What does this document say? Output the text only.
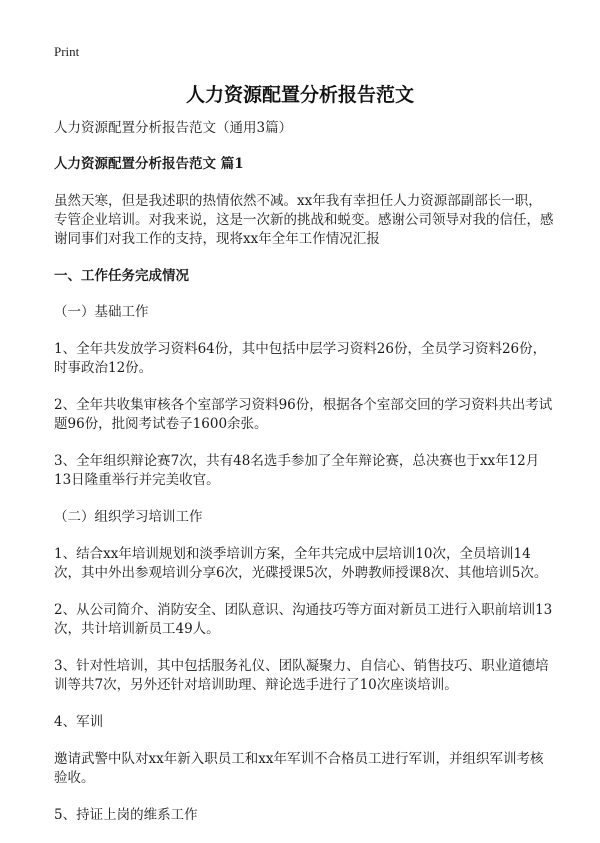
Print
人力资源配置分析报告范文

人力资源配置分析报告范文（通用3篇）

人力资源配置分析报告范文 篇1

虽然天寒，但是我述职的热情依然不减。xx年我有幸担任人力资源部副部长一职，专管企业培训。对我来说，这是一次新的挑战和蜕变。感谢公司领导对我的信任，感谢同事们对我工作的支持，现将xx年全年工作情况汇报

一、工作任务完成情况

（一）基础工作

1、全年共发放学习资料64份，其中包括中层学习资料26份，全员学习资料26份，时事政治12份。

2、全年共收集审核各个室部学习资料96份，根据各个室部交回的学习资料共出考试题96份，批阅考试卷子1600余张。

3、全年组织辩论赛7次，共有48名选手参加了全年辩论赛，总决赛也于xx年12月13日隆重举行并完美收官。

（二）组织学习培训工作

1、结合xx年培训规划和淡季培训方案，全年共完成中层培训10次，全员培训14次，其中外出参观培训分享6次，光碟授课5次，外聘教师授课8次、其他培训5次。

2、从公司简介、消防安全、团队意识、沟通技巧等方面对新员工进行入职前培训13次，共计培训新员工49人。

3、针对性培训，其中包括服务礼仪、团队凝聚力、自信心、销售技巧、职业道德培训等共7次，另外还针对培训助理、辩论选手进行了10次座谈培训。

4、军训

邀请武警中队对xx年新入职员工和xx年军训不合格员工进行军训，并组织军训考核验收。

5、持证上岗的维系工作
